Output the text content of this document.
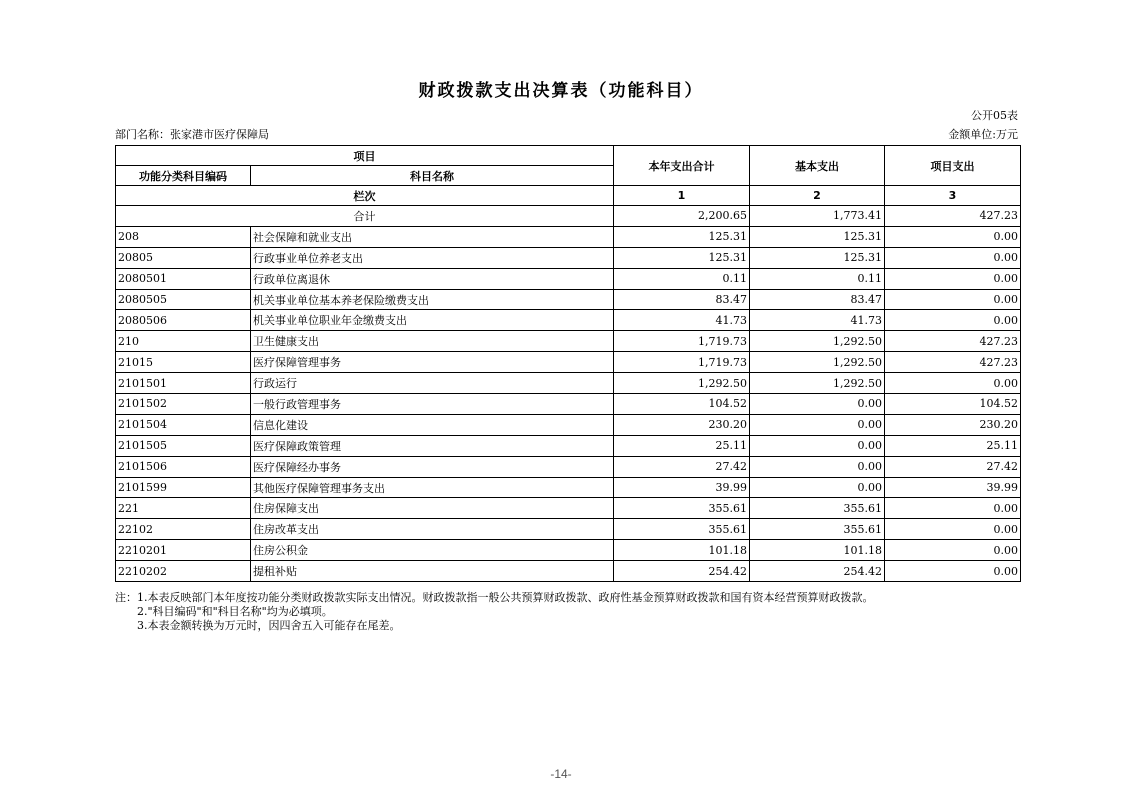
财政拨款支出决算表（功能科目）
公开05表
部门名称：张家港市医疗保障局	金额单位:万元
项目		本年支出合计	基本支出	项目支出
功能分类科目编码	科目名称			
栏次		1	2	3
合计		2,200.65	1,773.41	427.23
208	社会保障和就业支出	125.31	125.31	0.00
20805	行政事业单位养老支出	125.31	125.31	0.00
2080501	行政单位离退休	0.11	0.11	0.00
2080505	机关事业单位基本养老保险缴费支出	83.47	83.47	0.00
2080506	机关事业单位职业年金缴费支出	41.73	41.73	0.00
210	卫生健康支出	1,719.73	1,292.50	427.23
21015	医疗保障管理事务	1,719.73	1,292.50	427.23
2101501	行政运行	1,292.50	1,292.50	0.00
2101502	一般行政管理事务	104.52	0.00	104.52
2101504	信息化建设	230.20	0.00	230.20
2101505	医疗保障政策管理	25.11	0.00	25.11
2101506	医疗保障经办事务	27.42	0.00	27.42
2101599	其他医疗保障管理事务支出	39.99	0.00	39.99
221	住房保障支出	355.61	355.61	0.00
22102	住房改革支出	355.61	355.61	0.00
2210201	住房公积金	101.18	101.18	0.00
2210202	提租补贴	254.42	254.42	0.00
注：1.本表反映部门本年度按功能分类财政拨款实际支出情况。财政拨款指一般公共预算财政拨款、政府性基金预算财政拨款和国有资本经营预算财政拨款。
　　2."科目编码"和"科目名称"均为必填项。
　　3.本表金额转换为万元时，因四舍五入可能存在尾差。
-14-
